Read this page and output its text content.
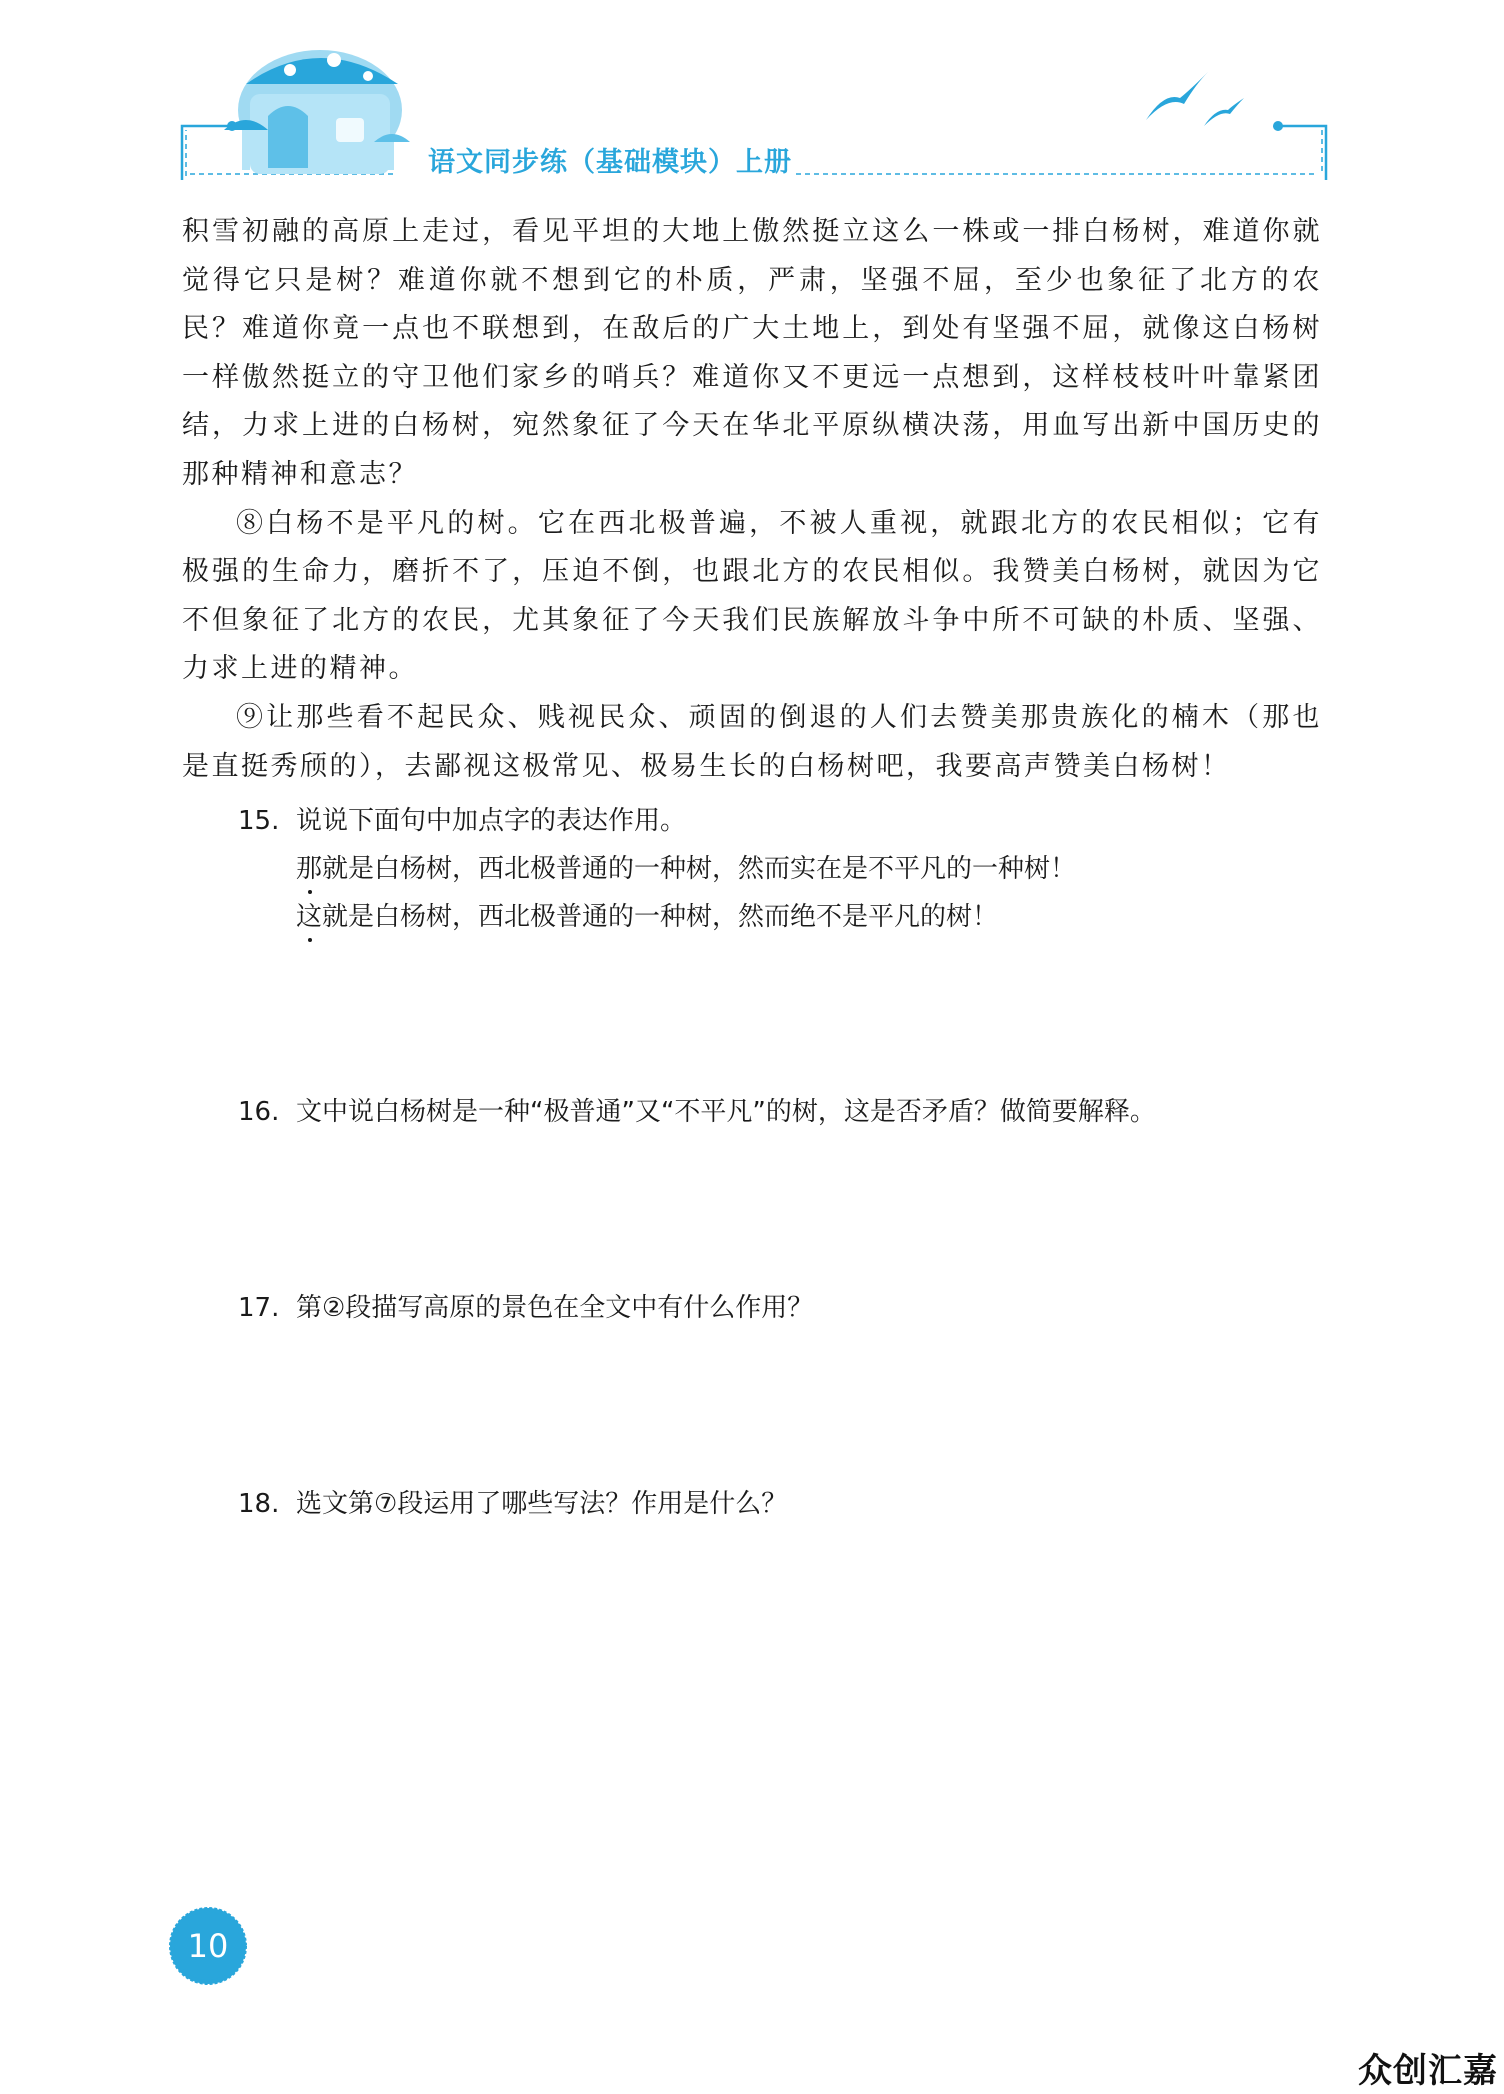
语文同步练（基础模块）上册

积雪初融的高原上走过，看见平坦的大地上傲然挺立这么一株或一排白杨树，难道你就觉得它只是树？难道你就不想到它的朴质，严肃，坚强不屈，至少也象征了北方的农民？难道你竟一点也不联想到，在敌后的广大土地上，到处有坚强不屈，就像这白杨树一样傲然挺立的守卫他们家乡的哨兵？难道你又不更远一点想到，这样枝枝叶叶靠紧团结，力求上进的白杨树，宛然象征了今天在华北平原纵横决荡，用血写出新中国历史的那种精神和意志？

⑧白杨不是平凡的树。它在西北极普遍，不被人重视，就跟北方的农民相似；它有极强的生命力，磨折不了，压迫不倒，也跟北方的农民相似。我赞美白杨树，就因为它不但象征了北方的农民，尤其象征了今天我们民族解放斗争中所不可缺的朴质、坚强、力求上进的精神。

⑨让那些看不起民众、贱视民众、顽固的倒退的人们去赞美那贵族化的楠木（那也是直挺秀颀的），去鄙视这极常见、极易生长的白杨树吧，我要高声赞美白杨树！

15. 说说下面句中加点字的表达作用。

那就是白杨树，西北极普通的一种树，然而实在是不平凡的一种树！
这就是白杨树，西北极普通的一种树，然而绝不是平凡的树！

16. 文中说白杨树是一种“极普通”又“不平凡”的树，这是否矛盾？做简要解释。

17. 第②段描写高原的景色在全文中有什么作用？

18. 选文第⑦段运用了哪些写法？作用是什么？

10
众创汇嘉
